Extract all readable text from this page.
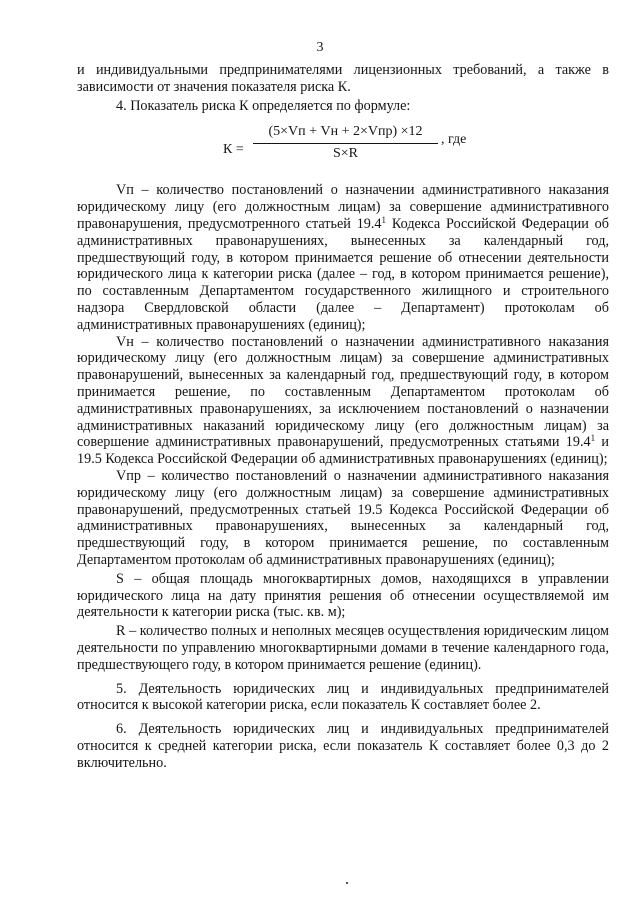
3

и индивидуальными предпринимателями лицензионных требований, а также в зависимости от значения показателя риска К.

4. Показатель риска К определяется по формуле:

К =
(5×Vп + Vн + 2×Vпр) ×12
S×R
, где

Vп – количество постановлений о назначении административного наказания юридическому лицу (его должностным лицам) за совершение административного правонарушения, предусмотренного статьей 19.4$^1$ Кодекса Российской Федерации об административных правонарушениях, вынесенных за календарный год, предшествующий году, в котором принимается решение об отнесении деятельности юридического лица к категории риска (далее – год, в котором принимается решение), по составленным Департаментом государственного жилищного и строительного надзора Свердловской области (далее – Департамент) протоколам об административных правонарушениях (единиц);

Vн – количество постановлений о назначении административного наказания юридическому лицу (его должностным лицам) за совершение административных правонарушений, вынесенных за календарный год, предшествующий году, в котором принимается решение, по составленным Департаментом протоколам об административных правонарушениях, за исключением постановлений о назначении административных наказаний юридическому лицу (его должностным лицам) за совершение административных правонарушений, предусмотренных статьями 19.4$^1$ и 19.5 Кодекса Российской Федерации об административных правонарушениях (единиц);

Vпр – количество постановлений о назначении административного наказания юридическому лицу (его должностным лицам) за совершение административных правонарушений, предусмотренных статьей 19.5 Кодекса Российской Федерации об административных правонарушениях, вынесенных за календарный год, предшествующий году, в котором принимается решение, по составленным Департаментом протоколам об административных правонарушениях (единиц);

S – общая площадь многоквартирных домов, находящихся в управлении юридического лица на дату принятия решения об отнесении осуществляемой им деятельности к категории риска (тыс. кв. м);

R – количество полных и неполных месяцев осуществления юридическим лицом деятельности по управлению многоквартирными домами в течение календарного года, предшествующего году, в котором принимается решение (единиц).

5. Деятельность юридических лиц и индивидуальных предпринимателей относится к высокой категории риска, если показатель К составляет более 2.

6. Деятельность юридических лиц и индивидуальных предпринимателей относится к средней категории риска, если показатель К составляет более 0,3 до 2 включительно.
